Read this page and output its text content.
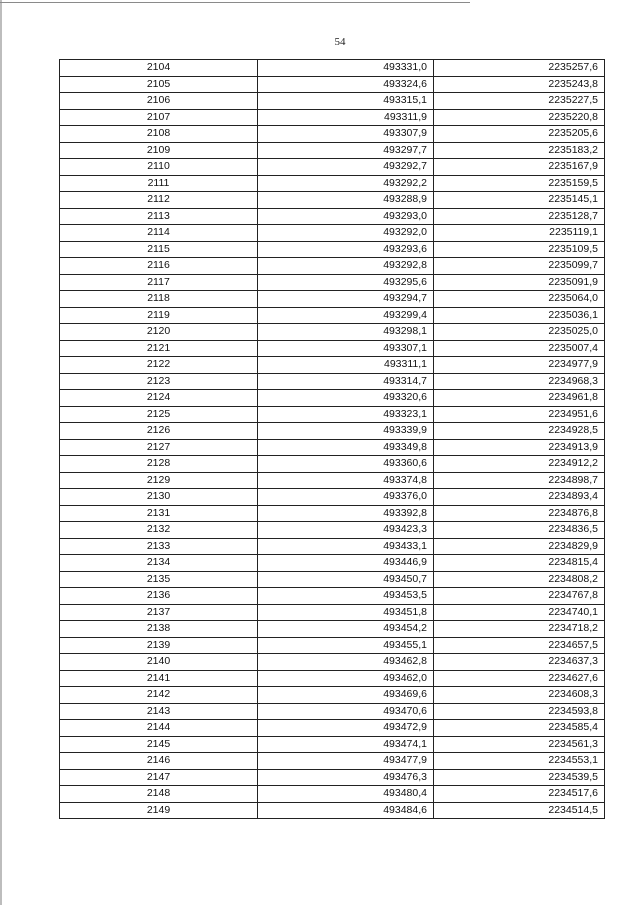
54
2104	493331,0	2235257,6
2105	493324,6	2235243,8
2106	493315,1	2235227,5
2107	493311,9	2235220,8
2108	493307,9	2235205,6
2109	493297,7	2235183,2
2110	493292,7	2235167,9
2111	493292,2	2235159,5
2112	493288,9	2235145,1
2113	493293,0	2235128,7
2114	493292,0	2235119,1
2115	493293,6	2235109,5
2116	493292,8	2235099,7
2117	493295,6	2235091,9
2118	493294,7	2235064,0
2119	493299,4	2235036,1
2120	493298,1	2235025,0
2121	493307,1	2235007,4
2122	493311,1	2234977,9
2123	493314,7	2234968,3
2124	493320,6	2234961,8
2125	493323,1	2234951,6
2126	493339,9	2234928,5
2127	493349,8	2234913,9
2128	493360,6	2234912,2
2129	493374,8	2234898,7
2130	493376,0	2234893,4
2131	493392,8	2234876,8
2132	493423,3	2234836,5
2133	493433,1	2234829,9
2134	493446,9	2234815,4
2135	493450,7	2234808,2
2136	493453,5	2234767,8
2137	493451,8	2234740,1
2138	493454,2	2234718,2
2139	493455,1	2234657,5
2140	493462,8	2234637,3
2141	493462,0	2234627,6
2142	493469,6	2234608,3
2143	493470,6	2234593,8
2144	493472,9	2234585,4
2145	493474,1	2234561,3
2146	493477,9	2234553,1
2147	493476,3	2234539,5
2148	493480,4	2234517,6
2149	493484,6	2234514,5
